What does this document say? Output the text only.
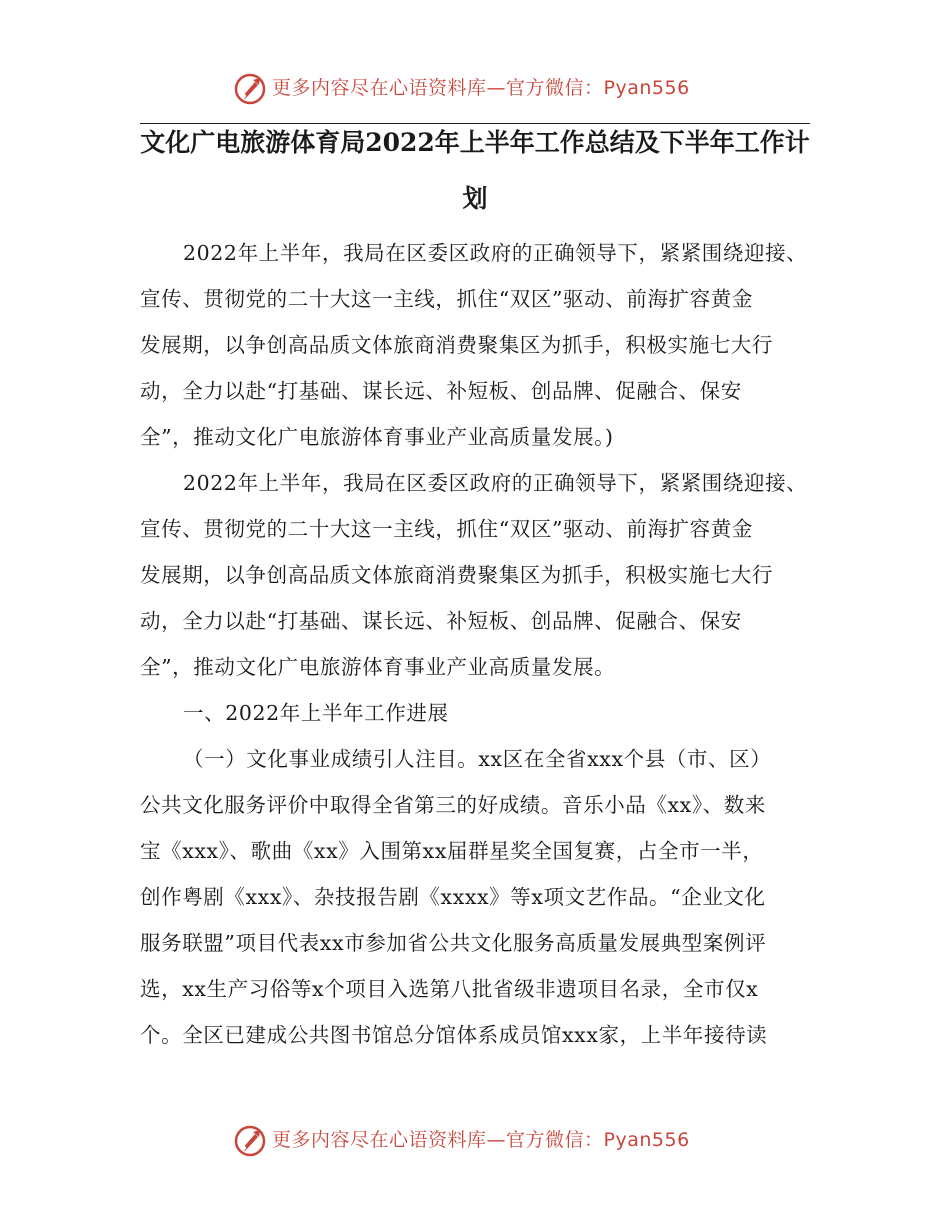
更多内容尽在心语资料库—官方微信：Pyan556
文化广电旅游体育局2022年上半年工作总结及下半年工作计
划
2022年上半年，我局在区委区政府的正确领导下，紧紧围绕迎接、
宣传、贯彻党的二十大这一主线，抓住“双区”驱动、前海扩容黄金
发展期，以争创高品质文体旅商消费聚集区为抓手，积极实施七大行
动，全力以赴“打基础、谋长远、补短板、创品牌、促融合、保安
全”，推动文化广电旅游体育事业产业高质量发展。)
2022年上半年，我局在区委区政府的正确领导下，紧紧围绕迎接、
宣传、贯彻党的二十大这一主线，抓住“双区”驱动、前海扩容黄金
发展期，以争创高品质文体旅商消费聚集区为抓手，积极实施七大行
动，全力以赴“打基础、谋长远、补短板、创品牌、促融合、保安
全”，推动文化广电旅游体育事业产业高质量发展。
一、2022年上半年工作进展
（一）文化事业成绩引人注目。xx区在全省xxx个县（市、区）
公共文化服务评价中取得全省第三的好成绩。音乐小品《xx》、数来
宝《xxx》、歌曲《xx》入围第xx届群星奖全国复赛，占全市一半，
创作粤剧《xxx》、杂技报告剧《xxxx》等x项文艺作品。“企业文化
服务联盟”项目代表xx市参加省公共文化服务高质量发展典型案例评
选，xx生产习俗等x个项目入选第八批省级非遗项目名录，全市仅x
个。全区已建成公共图书馆总分馆体系成员馆xxx家，上半年接待读
更多内容尽在心语资料库—官方微信：Pyan556
